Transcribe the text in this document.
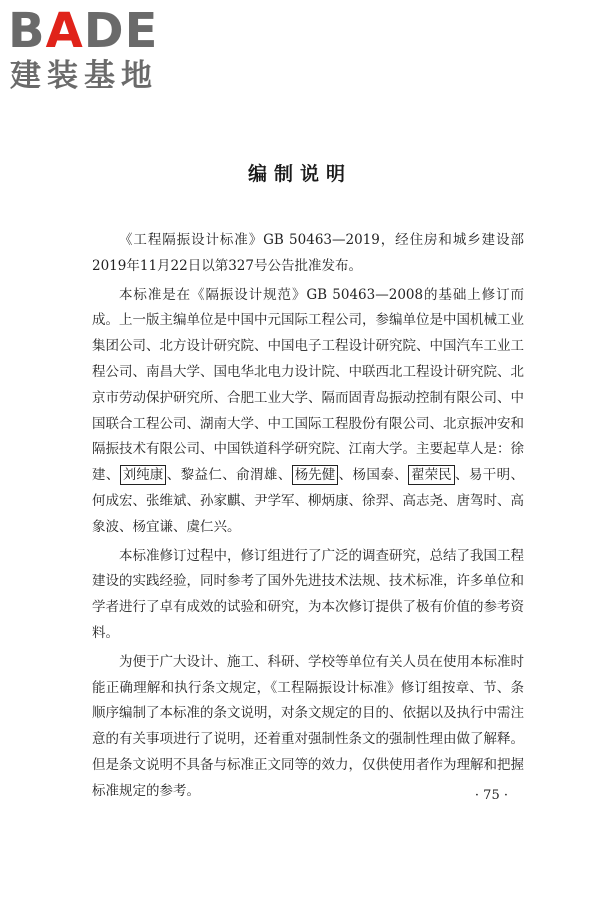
BADE
建装基地
编制说明

《工程隔振设计标准》GB 50463—2019，经住房和城乡建设部2019年11月22日以第327号公告批准发布。

本标准是在《隔振设计规范》GB 50463—2008的基础上修订而成。上一版主编单位是中国中元国际工程公司，参编单位是中国机械工业集团公司、北方设计研究院、中国电子工程设计研究院、中国汽车工业工程公司、南昌大学、国电华北电力设计院、中联西北工程设计研究院、北京市劳动保护研究所、合肥工业大学、隔而固青岛振动控制有限公司、中国联合工程公司、湖南大学、中工国际工程股份有限公司、北京振冲安和隔振技术有限公司、中国铁道科学研究院、江南大学。主要起草人是：徐建、 刘纯康 、黎益仁、俞渭雄、 杨先健 、杨国泰、 翟荣民 、易干明、何成宏、张维斌、孙家麒、尹学军、柳炳康、徐羿、高志尧、唐驾时、高象波、杨宜谦、虞仁兴。

本标准修订过程中，修订组进行了广泛的调查研究，总结了我国工程建设的实践经验，同时参考了国外先进技术法规、技术标准，许多单位和学者进行了卓有成效的试验和研究，为本次修订提供了极有价值的参考资料。

为便于广大设计、施工、科研、学校等单位有关人员在使用本标准时能正确理解和执行条文规定，《工程隔振设计标准》修订组按章、节、条顺序编制了本标准的条文说明，对条文规定的目的、依据以及执行中需注意的有关事项进行了说明，还着重对强制性条文的强制性理由做了解释。但是条文说明不具备与标准正文同等的效力，仅供使用者作为理解和把握标准规定的参考。	· 75 ·
